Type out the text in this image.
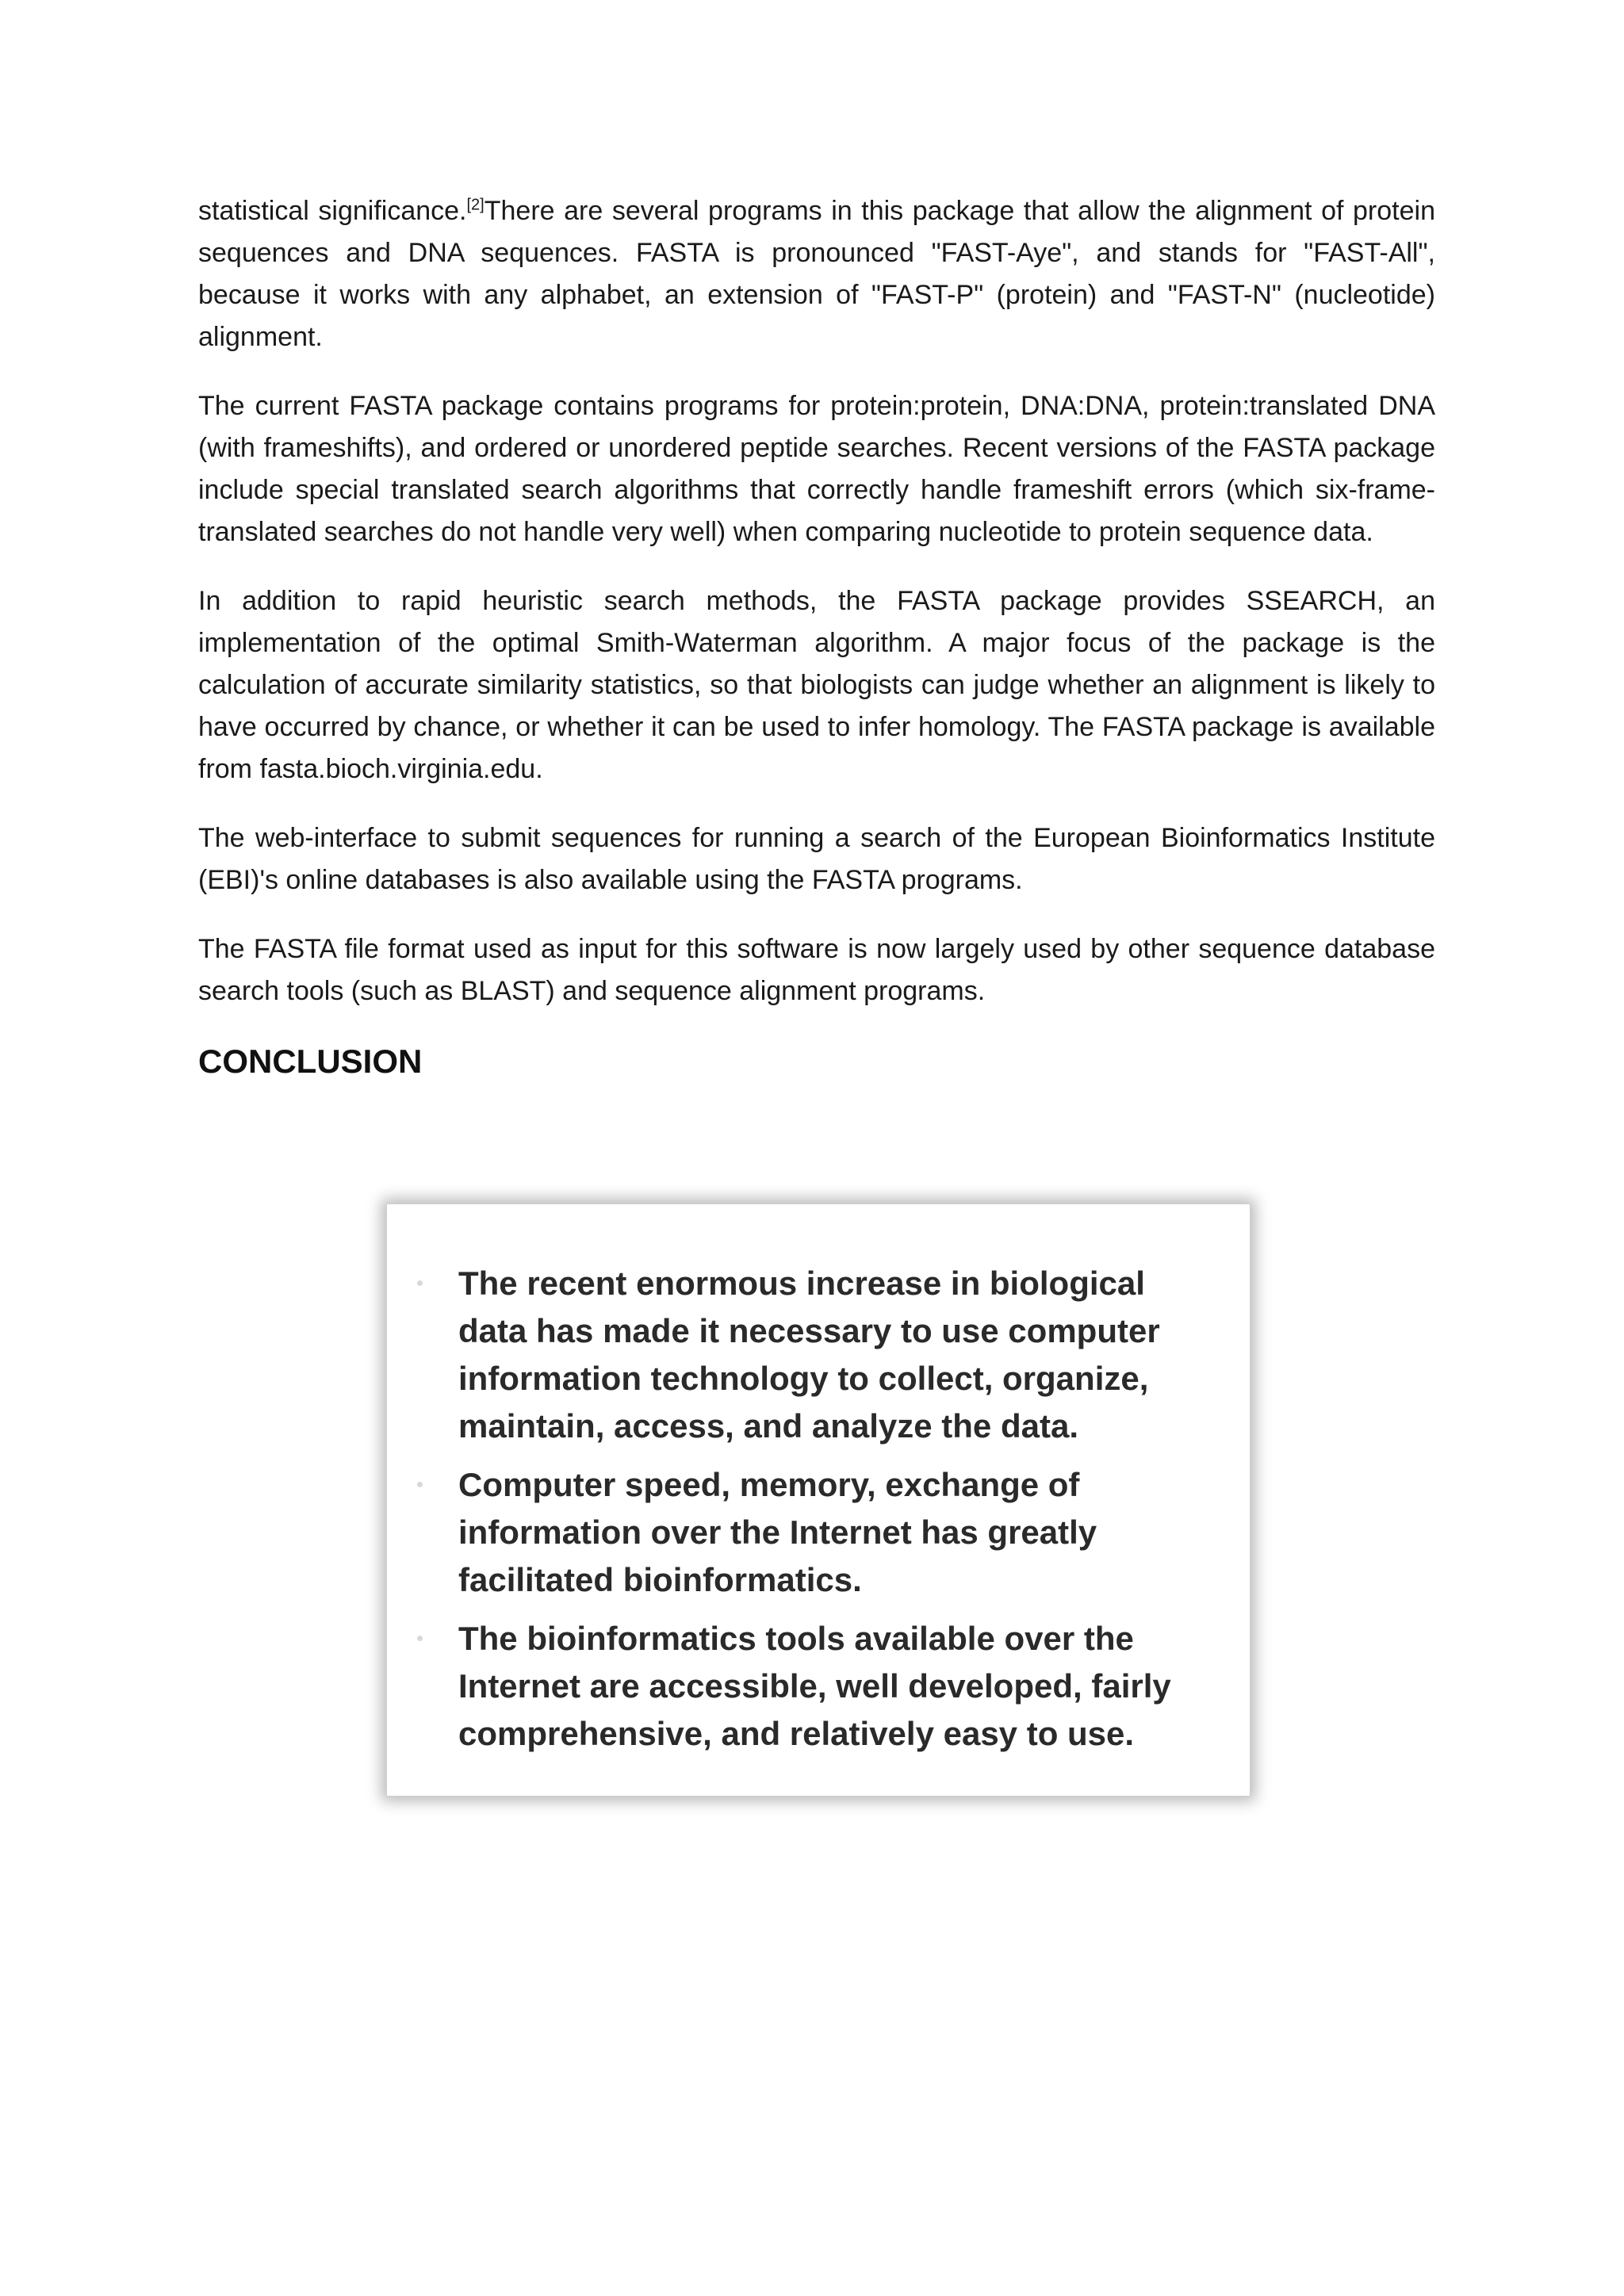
statistical significance.[2]There are several programs in this package that allow the alignment of protein sequences and DNA sequences. FASTA is pronounced "FAST-Aye", and stands for "FAST-All", because it works with any alphabet, an extension of "FAST-P" (protein) and "FAST-N" (nucleotide) alignment.

The current FASTA package contains programs for protein:protein, DNA:DNA, protein:translated DNA (with frameshifts), and ordered or unordered peptide searches. Recent versions of the FASTA package include special translated search algorithms that correctly handle frameshift errors (which six-frame-translated searches do not handle very well) when comparing nucleotide to protein sequence data.

In addition to rapid heuristic search methods, the FASTA package provides SSEARCH, an implementation of the optimal Smith-Waterman algorithm. A major focus of the package is the calculation of accurate similarity statistics, so that biologists can judge whether an alignment is likely to have occurred by chance, or whether it can be used to infer homology. The FASTA package is available from fasta.bioch.virginia.edu.

The web-interface to submit sequences for running a search of the European Bioinformatics Institute (EBI)'s online databases is also available using the FASTA programs.

The FASTA file format used as input for this software is now largely used by other sequence database search tools (such as BLAST) and sequence alignment programs.

CONCLUSION
The recent enormous increase in biological data has made it necessary to use computer information technology to collect, organize, maintain, access, and analyze the data.
Computer speed, memory, exchange of information over the Internet has greatly facilitated bioinformatics.
The bioinformatics tools available over the Internet are accessible, well developed, fairly comprehensive, and relatively easy to use.
